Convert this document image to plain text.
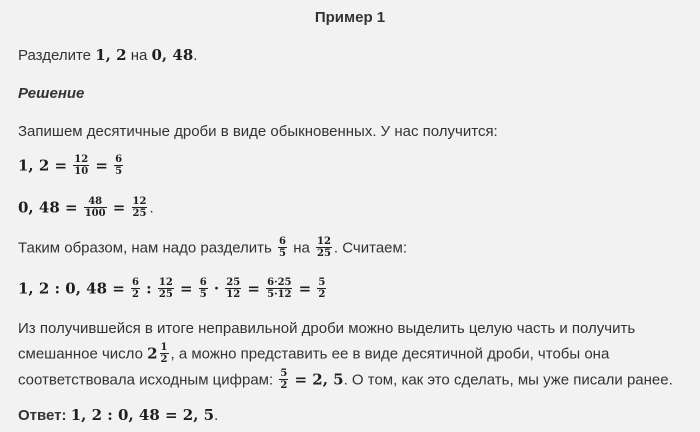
Пример 1
Разделите 1, 2 на 0, 48.
Решение
Запишем десятичные дроби в виде обыкновенных. У нас получится:
1, $2 = \frac{12}{10} = \frac{6}{5}$
0, $48 = \frac{48}{100} = \frac{12}{25}$ .
Таким образом, нам надо разделить $\frac{6}{5}$ на $\frac{12}{25}$ . Считаем:
1, 2 : 0, $48 = \frac{6}{2}$ : $\frac{12}{25} = \frac{6}{5} \cdot \frac{25}{12} = \frac{6\cdot 25}{5\cdot 12} = \frac{5}{2}$
Из получившейся в итоге неправильной дроби можно выделить целую часть и получить
смешанное число $2 \frac{1}{2}$ , а можно представить ее в виде десятичной дроби, чтобы она
соответствовала исходным цифрам: $\frac{5}{2} = 2$, 5. О том, как это сделать, мы уже писали ранее.
Ответ: 1, 2 : 0, 48 = 2, 5.
